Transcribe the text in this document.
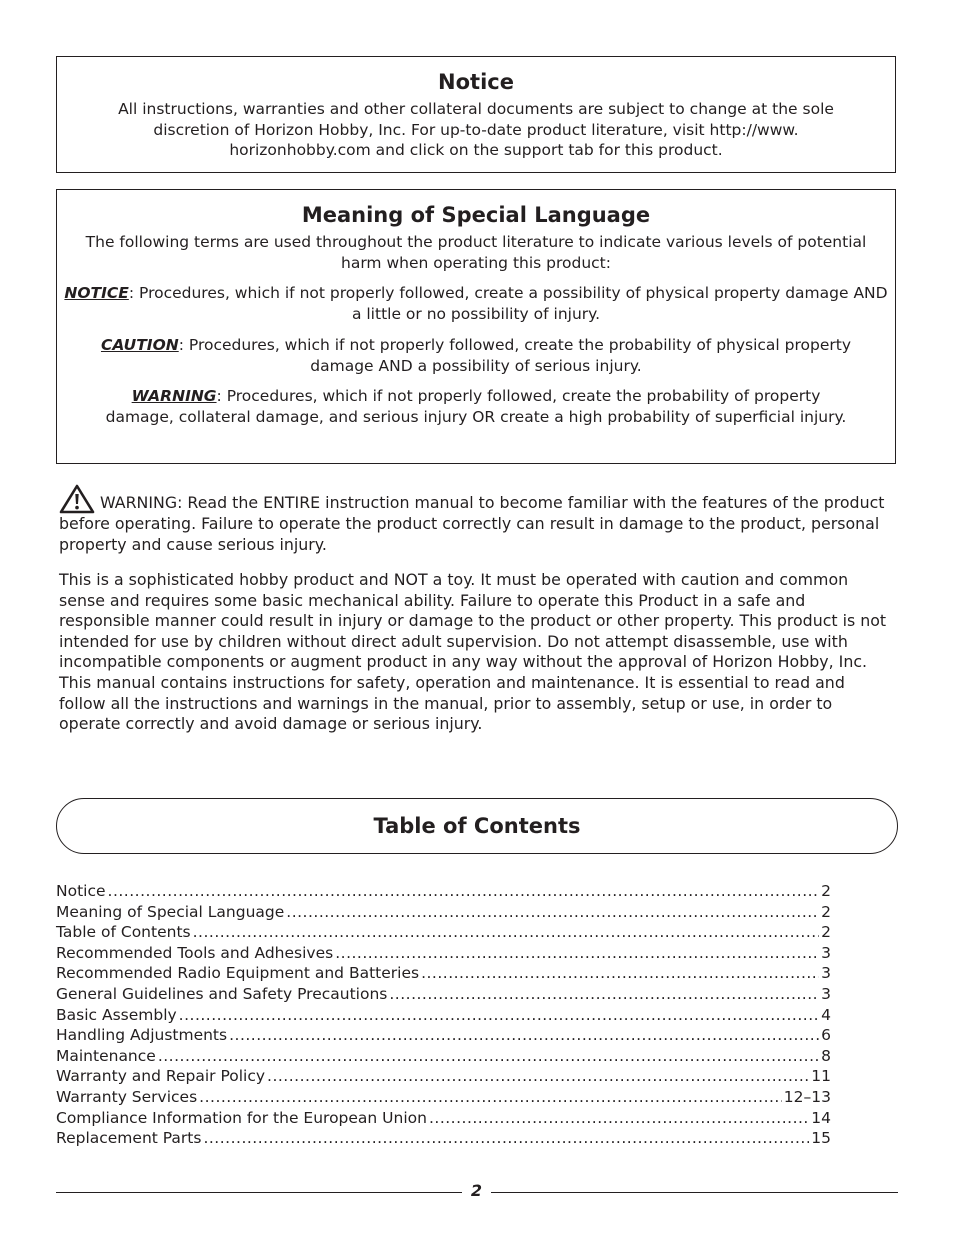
Notice

All instructions, warranties and other collateral documents are subject to change at the sole discretion of Horizon Hobby, Inc. For up-to-date product literature, visit http://www. horizonhobby.com and click on the support tab for this product.

Meaning of Special Language

The following terms are used throughout the product literature to indicate various levels of potential harm when operating this product:

NOTICE: Procedures, which if not properly followed, create a possibility of physical property damage AND a little or no possibility of injury.

CAUTION: Procedures, which if not properly followed, create the probability of physical property damage AND a possibility of serious injury.

WARNING: Procedures, which if not properly followed, create the probability of property damage, collateral damage, and serious injury OR create a high probability of superficial injury.

WARNING: Read the ENTIRE instruction manual to become familiar with the features of the product before operating. Failure to operate the product correctly can result in damage to the product, personal property and cause serious injury.

This is a sophisticated hobby product and NOT a toy. It must be operated with caution and common sense and requires some basic mechanical ability. Failure to operate this Product in a safe and responsible manner could result in injury or damage to the product or other property. This product is not intended for use by children without direct adult supervision. Do not attempt disassemble, use with incompatible components or augment product in any way without the approval of Horizon Hobby, Inc. This manual contains instructions for safety, operation and maintenance. It is essential to read and follow all the instructions and warnings in the manual, prior to assembly, setup or use, in order to operate correctly and avoid damage or serious injury.

Table of Contents
Notice .....	2
Meaning of Special Language .....	2
Table of Contents .....	2
Recommended Tools and Adhesives .....	3
Recommended Radio Equipment and Batteries .....	3
General Guidelines and Safety Precautions .....	3
Basic Assembly .....	4
Handling Adjustments .....	6
Maintenance .....	8
Warranty and Repair Policy .....	11
Warranty Services .....	12–13
Compliance Information for the European Union .....	14
Replacement Parts .....	15
2
